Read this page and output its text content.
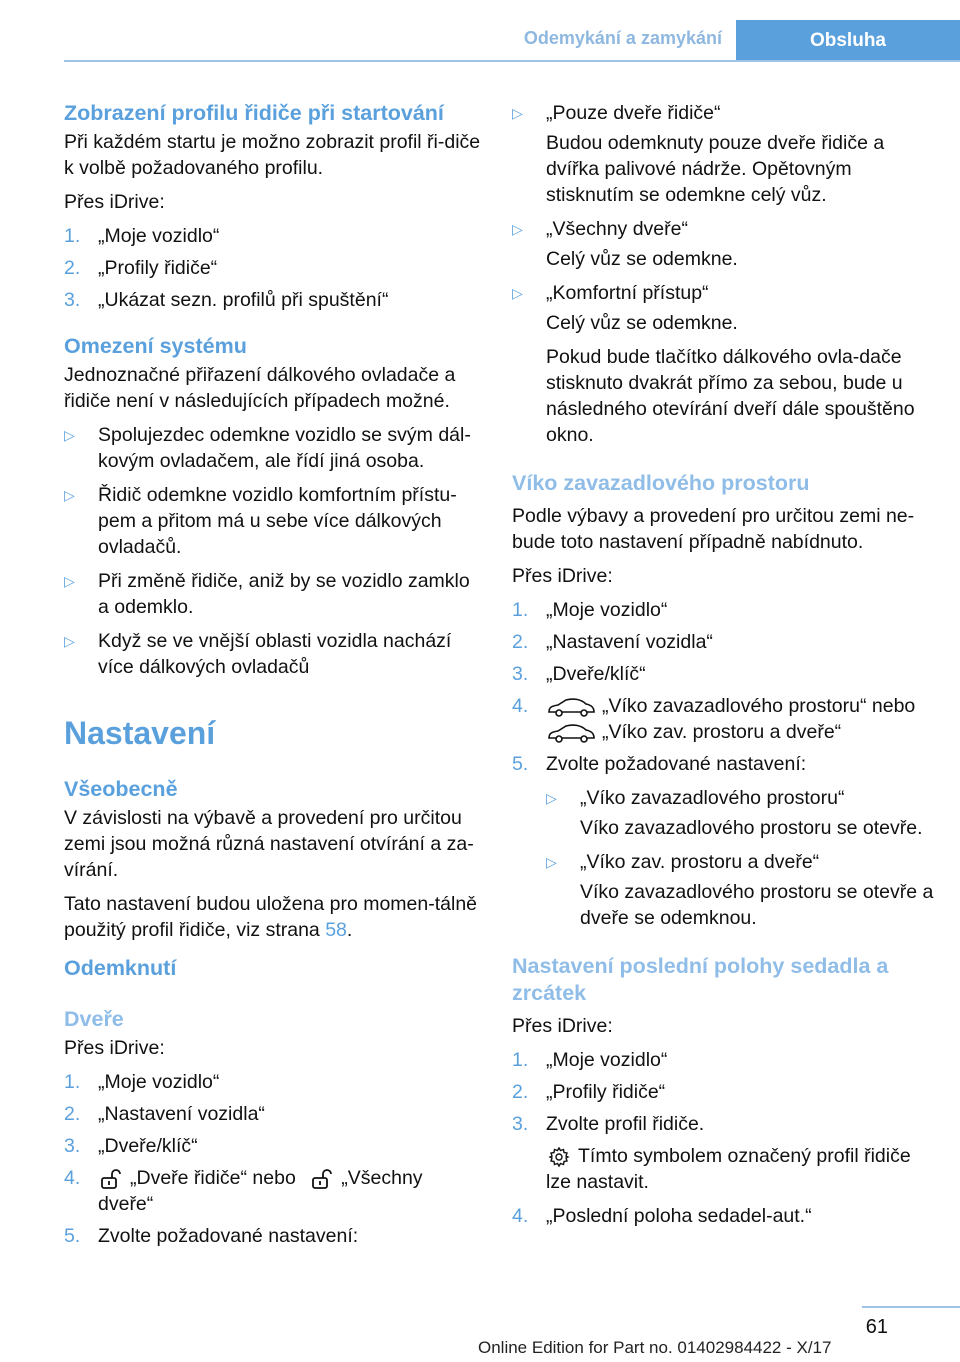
Odemykání a zamykání	Obsluha
Zobrazení profilu řidiče při startování

Při každém startu je možno zobrazit profil ři-diče k volbě požadovaného profilu.

Přes iDrive:

1. „Moje vozidlo“
2. „Profily řidiče“
3. „Ukázat sezn. profilů při spuštění“
Omezení systému

Jednoznačné přiřazení dálkového ovladače a řidiče není v následujících případech možné.

▷	Spolujezdec odemkne vozidlo se svým dál-kovým ovladačem, ale řídí jiná osoba.
▷	Řidič odemkne vozidlo komfortním přístu-pem a přitom má u sebe více dálkových ovladačů.
▷	Při změně řidiče, aniž by se vozidlo zamklo a odemklo.
▷	Když se ve vnější oblasti vozidla nachází více dálkových ovladačů
Nastavení
Všeobecně

V závislosti na výbavě a provedení pro určitou zemi jsou možná různá nastavení otvírání a za-vírání.

Tato nastavení budou uložena pro momen-tálně použitý profil řidiče, viz strana 58.

Odemknutí
Dveře

Přes iDrive:

1. „Moje vozidlo“
2. „Nastavení vozidla“
3. „Dveře/klíč“
4.	„Dveře řidiče“ nebo „Všechny dveře“
5. Zvolte požadované nastavení:
▷	„Pouze dveře řidiče“
Budou odemknuty pouze dveře řidiče a dvířka palivové nádrže. Opětovným stisknutím se odemkne celý vůz.
▷	„Všechny dveře“
Celý vůz se odemkne.
▷	„Komfortní přístup“
Celý vůz se odemkne.
Pokud bude tlačítko dálkového ovla-dače stisknuto dvakrát přímo za sebou, bude u následného otevírání dveří dále spouštěno okno.
Víko zavazadlového prostoru

Podle výbavy a provedení pro určitou zemi ne-bude toto nastavení případně nabídnuto.

Přes iDrive:

1. „Moje vozidlo“
2. „Nastavení vozidla“
3. „Dveře/klíč“
4.	„Víko zavazadlového prostoru“ nebo
„Víko zav. prostoru a dveře“
5. Zvolte požadované nastavení:
▷	„Víko zavazadlového prostoru“
Víko zavazadlového prostoru se otevře.
▷	„Víko zav. prostoru a dveře“
Víko zavazadlového prostoru se otevře a dveře se odemknou.
Nastavení poslední polohy sedadla a zrcátek

Přes iDrive:

1. „Moje vozidlo“
2. „Profily řidiče“
3. Zvolte profil řidiče.
Tímto symbolem označený profil řidiče lze nastavit.
4. „Poslední poloha sedadel-aut.“
61
Online Edition for Part no. 01402984422 - X/17
